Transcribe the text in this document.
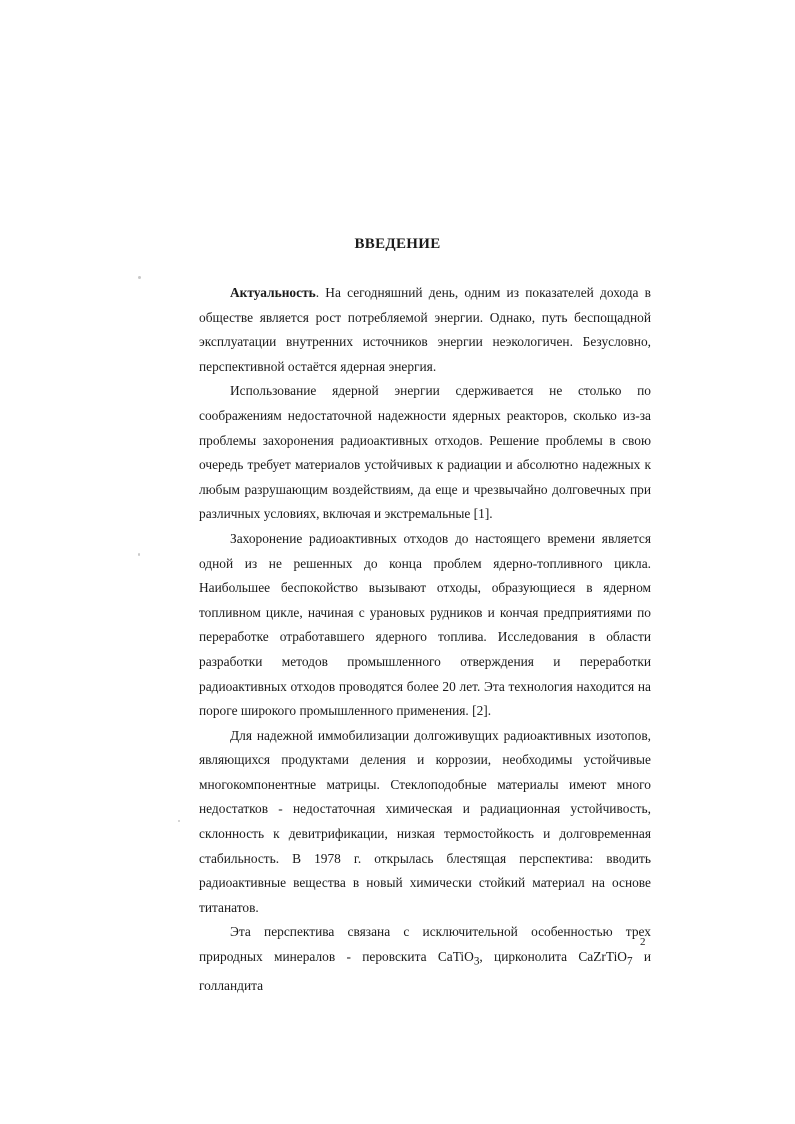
ВВЕДЕНИЕ

Актуальность. На сегодняшний день, одним из показателей дохода в обществе является рост потребляемой энергии. Однако, путь беспощадной эксплуатации внутренних источников энергии неэкологичен. Безусловно, перспективной остаётся ядерная энергия.

Использование ядерной энергии сдерживается не столько по соображениям недостаточной надежности ядерных реакторов, сколько из-за проблемы захоронения радиоактивных отходов. Решение проблемы в свою очередь требует материалов устойчивых к радиации и абсолютно надежных к любым разрушающим воздействиям, да еще и чрезвычайно долговечных при различных условиях, включая и экстремальные [1].

Захоронение радиоактивных отходов до настоящего времени является одной из не решенных до конца проблем ядерно-топливного цикла. Наибольшее беспокойство вызывают отходы, образующиеся в ядерном топливном цикле, начиная с урановых рудников и кончая предприятиями по переработке отработавшего ядерного топлива. Исследования в области разработки методов промышленного отверждения и переработки радиоактивных отходов проводятся более 20 лет. Эта технология находится на пороге широкого промышленного применения. [2].

Для надежной иммобилизации долгоживущих радиоактивных изотопов, являющихся продуктами деления и коррозии, необходимы устойчивые многокомпонентные матрицы. Стеклоподобные материалы имеют много недостатков - недостаточная химическая и радиационная устойчивость, склонность к девитрификации, низкая термостойкость и долговременная стабильность. В 1978 г. открылась блестящая перспектива: вводить радиоактивные вещества в новый химически стойкий материал на основе титанатов.

Эта перспектива связана с исключительной особенностью трех природных минералов - перовскита CaTiO$_3$, цирконолита CaZrTiO$_7$ и голландита

2
